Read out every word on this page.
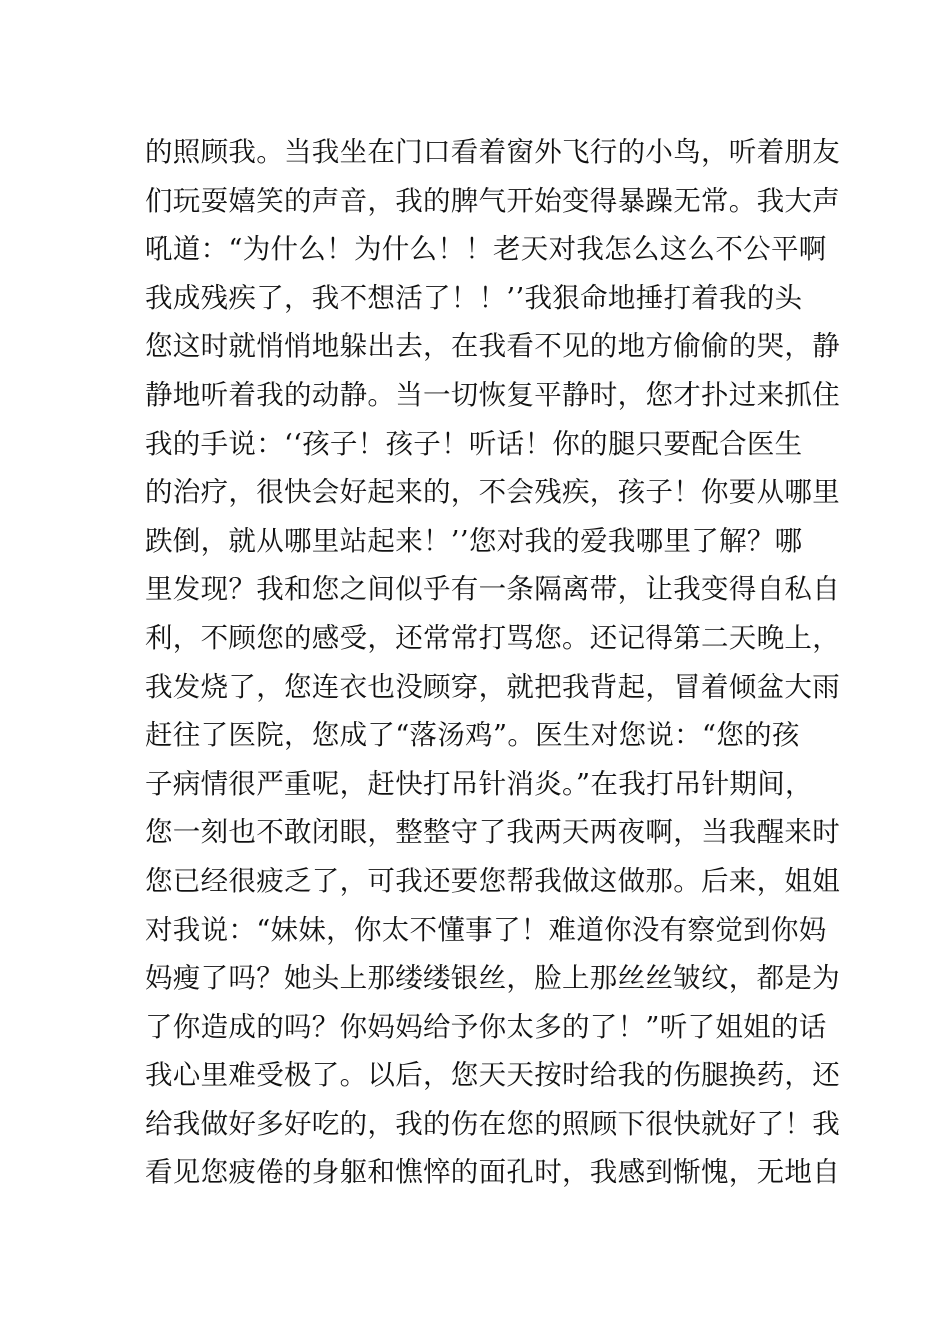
的照顾我。当我坐在门口看着窗外飞行的小鸟，听着朋友
们玩耍嬉笑的声音，我的脾气开始变得暴躁无常。我大声
吼道：“为什么！为什么！！老天对我怎么这么不公平啊
我成残疾了，我不想活了！！’’我狠命地捶打着我的头
您这时就悄悄地躲出去，在我看不见的地方偷偷的哭，静
静地听着我的动静。当一切恢复平静时，您才扑过来抓住
我的手说：‘‘孩子！孩子！听话！你的腿只要配合医生
的治疗，很快会好起来的，不会残疾，孩子！你要从哪里
跌倒，就从哪里站起来！’’您对我的爱我哪里了解？哪
里发现？我和您之间似乎有一条隔离带，让我变得自私自
利，不顾您的感受，还常常打骂您。还记得第二天晚上，
我发烧了，您连衣也没顾穿，就把我背起，冒着倾盆大雨
赶往了医院，您成了“落汤鸡”。医生对您说：“您的孩
子病情很严重呢，赶快打吊针消炎。”在我打吊针期间，
您一刻也不敢闭眼，整整守了我两天两夜啊，当我醒来时
您已经很疲乏了，可我还要您帮我做这做那。后来，姐姐
对我说：“妹妹，你太不懂事了！难道你没有察觉到你妈
妈瘦了吗？她头上那缕缕银丝，脸上那丝丝皱纹，都是为
了你造成的吗？你妈妈给予你太多的了！”听了姐姐的话
我心里难受极了。以后，您天天按时给我的伤腿换药，还
给我做好多好吃的，我的伤在您的照顾下很快就好了！我
看见您疲倦的身躯和憔悴的面孔时，我感到惭愧，无地自
